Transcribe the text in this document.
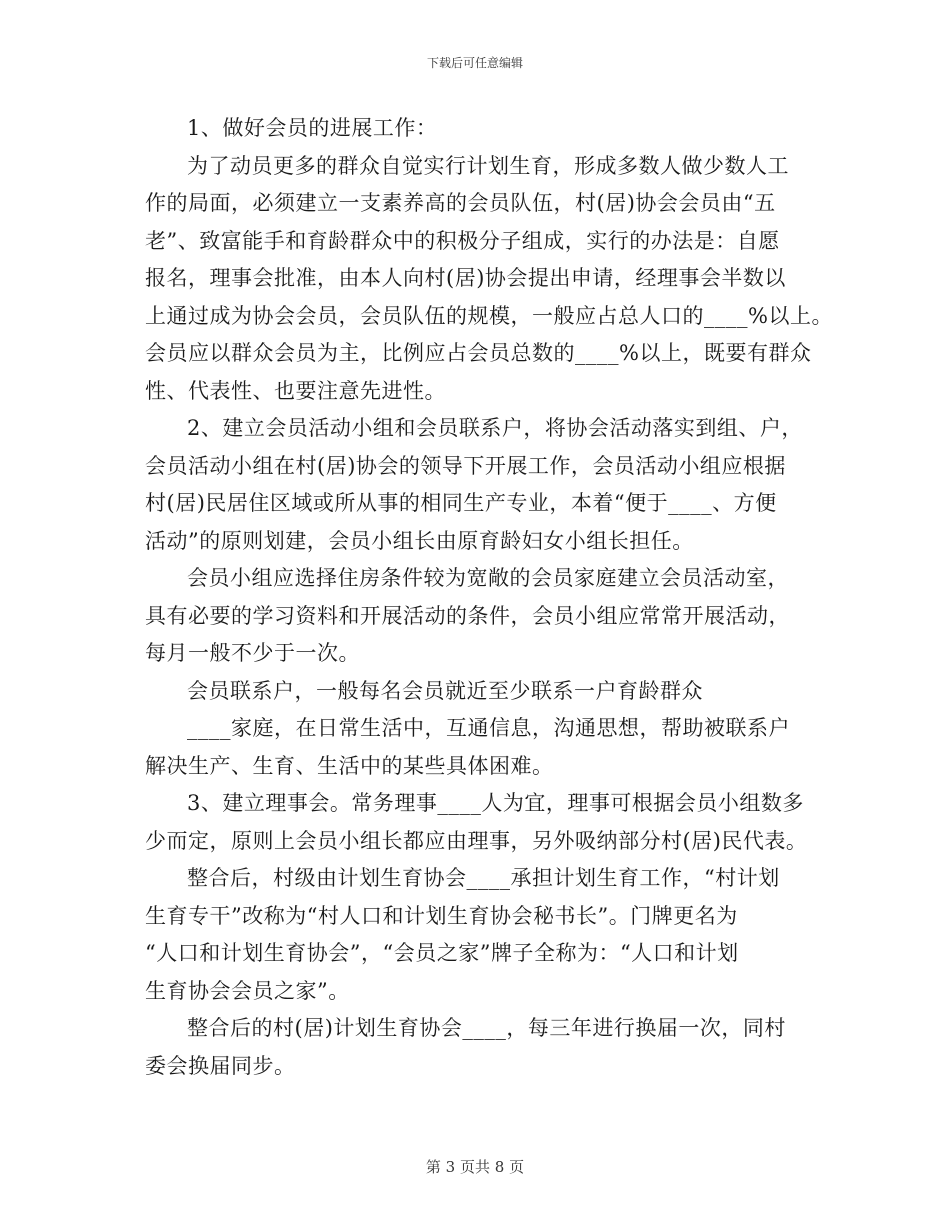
下载后可任意编辑
1、做好会员的进展工作：
为了动员更多的群众自觉实行计划生育，形成多数人做少数人工
作的局面，必须建立一支素养高的会员队伍，村(居)协会会员由“五
老”、致富能手和育龄群众中的积极分子组成，实行的办法是：自愿
报名，理事会批准，由本人向村(居)协会提出申请，经理事会半数以
上通过成为协会会员，会员队伍的规模，一般应占总人口的____%以上。
会员应以群众会员为主，比例应占会员总数的____%以上，既要有群众
性、代表性、也要注意先进性。
2、建立会员活动小组和会员联系户，将协会活动落实到组、户，
会员活动小组在村(居)协会的领导下开展工作，会员活动小组应根据
村(居)民居住区域或所从事的相同生产专业，本着“便于____、方便
活动”的原则划建，会员小组长由原育龄妇女小组长担任。
会员小组应选择住房条件较为宽敞的会员家庭建立会员活动室，
具有必要的学习资料和开展活动的条件，会员小组应常常开展活动，
每月一般不少于一次。
会员联系户，一般每名会员就近至少联系一户育龄群众
____家庭，在日常生活中，互通信息，沟通思想，帮助被联系户
解决生产、生育、生活中的某些具体困难。
3、建立理事会。常务理事____人为宜，理事可根据会员小组数多
少而定，原则上会员小组长都应由理事，另外吸纳部分村(居)民代表。
整合后，村级由计划生育协会____承担计划生育工作，“村计划
生育专干”改称为“村人口和计划生育协会秘书长”。门牌更名为
“人口和计划生育协会”，“会员之家”牌子全称为：“人口和计划
生育协会会员之家”。
整合后的村(居)计划生育协会____，每三年进行换届一次，同村
委会换届同步。
第 3 页共 8 页
